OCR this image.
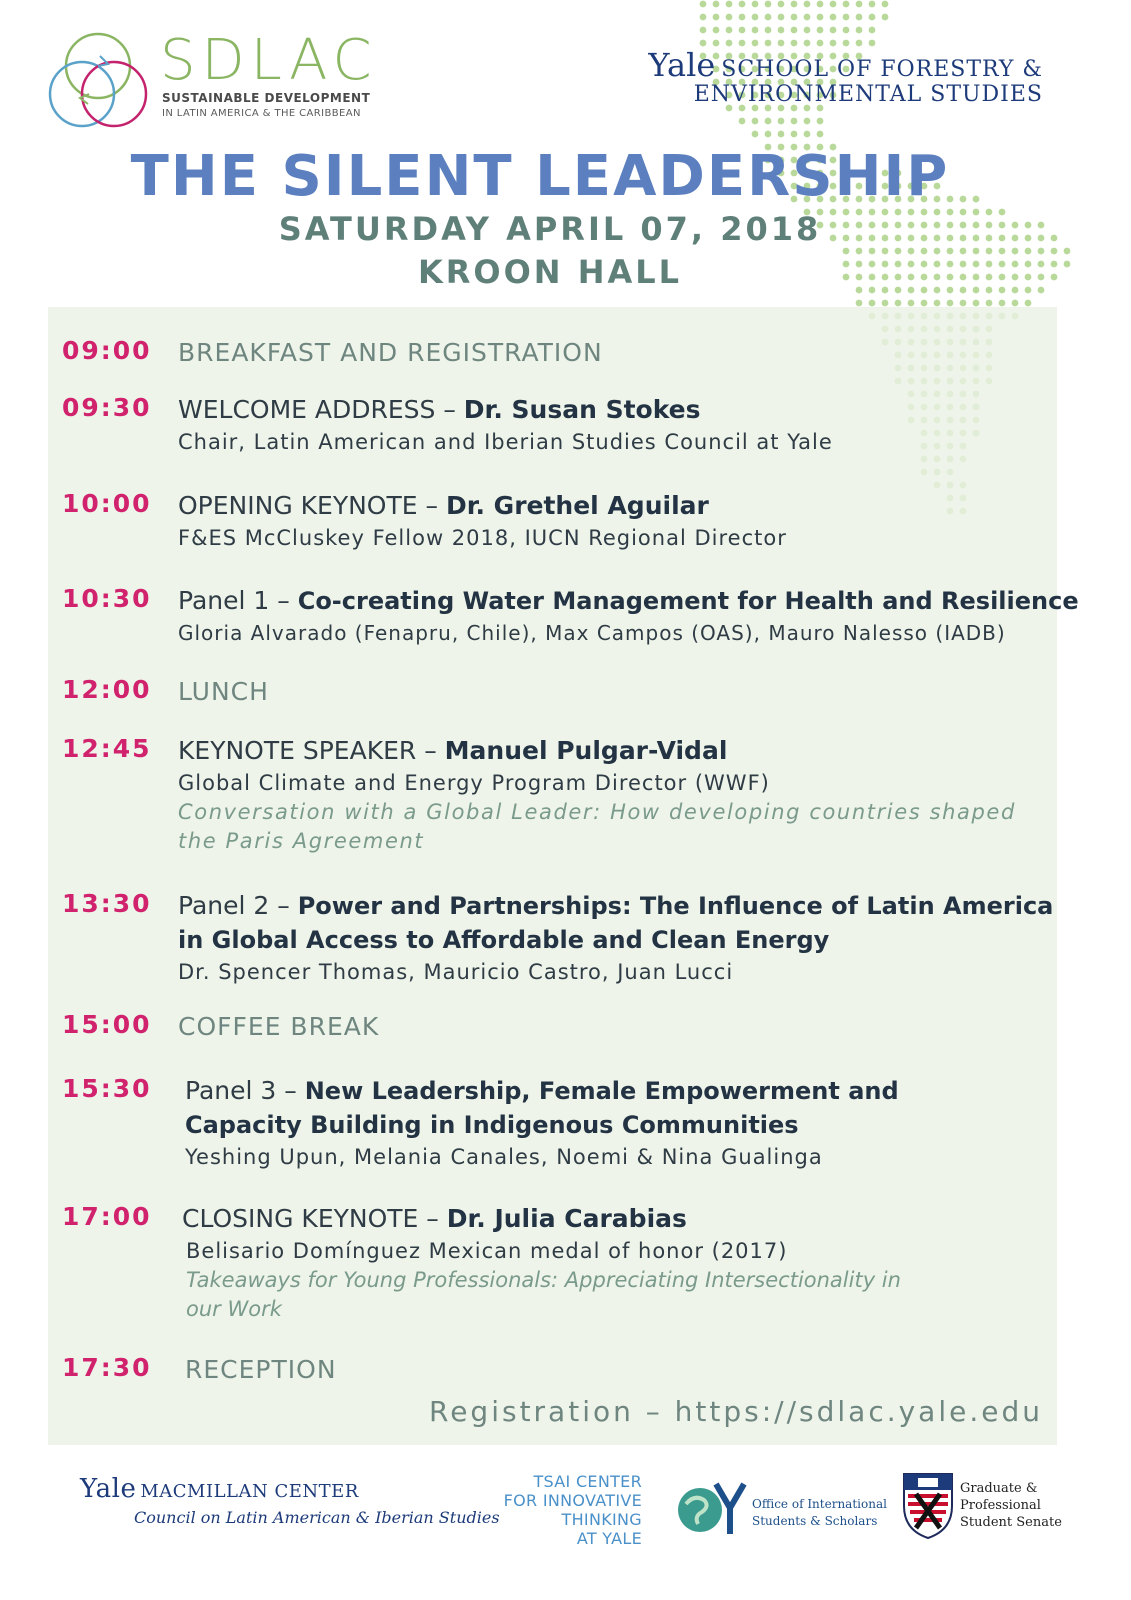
SDLAC
SUSTAINABLE DEVELOPMENT
IN LATIN AMERICA & THE CARIBBEAN
Yale SCHOOL OF FORESTRY &
ENVIRONMENTAL STUDIES
THE SILENT LEADERSHIP
SATURDAY APRIL 07, 2018
KROON HALL
09:00 BREAKFAST AND REGISTRATION
09:30 WELCOME ADDRESS – Dr. Susan Stokes
Chair, Latin American and Iberian Studies Council at Yale
10:00 OPENING KEYNOTE – Dr. Grethel Aguilar
F&ES McCluskey Fellow 2018, IUCN Regional Director
10:30 Panel 1 – Co-creating Water Management for Health and Resilience
Gloria Alvarado (Fenapru, Chile), Max Campos (OAS), Mauro Nalesso (IADB)
12:00 LUNCH
12:45 KEYNOTE SPEAKER – Manuel Pulgar-Vidal
Global Climate and Energy Program Director (WWF)
Conversation with a Global Leader: How developing countries shaped
the Paris Agreement
13:30 Panel 2 – Power and Partnerships: The Influence of Latin America
in Global Access to Affordable and Clean Energy
Dr. Spencer Thomas, Mauricio Castro, Juan Lucci
15:00 COFFEE BREAK
15:30 Panel 3 – New Leadership, Female Empowerment and
Capacity Building in Indigenous Communities
Yeshing Upun, Melania Canales, Noemi & Nina Gualinga
17:00 CLOSING KEYNOTE – Dr. Julia Carabias
Belisario Domínguez Mexican medal of honor (2017)
Takeaways for Young Professionals: Appreciating Intersectionality in
our Work
17:30 RECEPTION
Registration – https://sdlac.yale.edu
Yale MACMILLAN CENTER
Council on Latin American & Iberian Studies
TSAI CENTER
FOR INNOVATIVE
THINKING
AT YALE
Office of International
Students & Scholars
Graduate &
Professional
Student Senate
